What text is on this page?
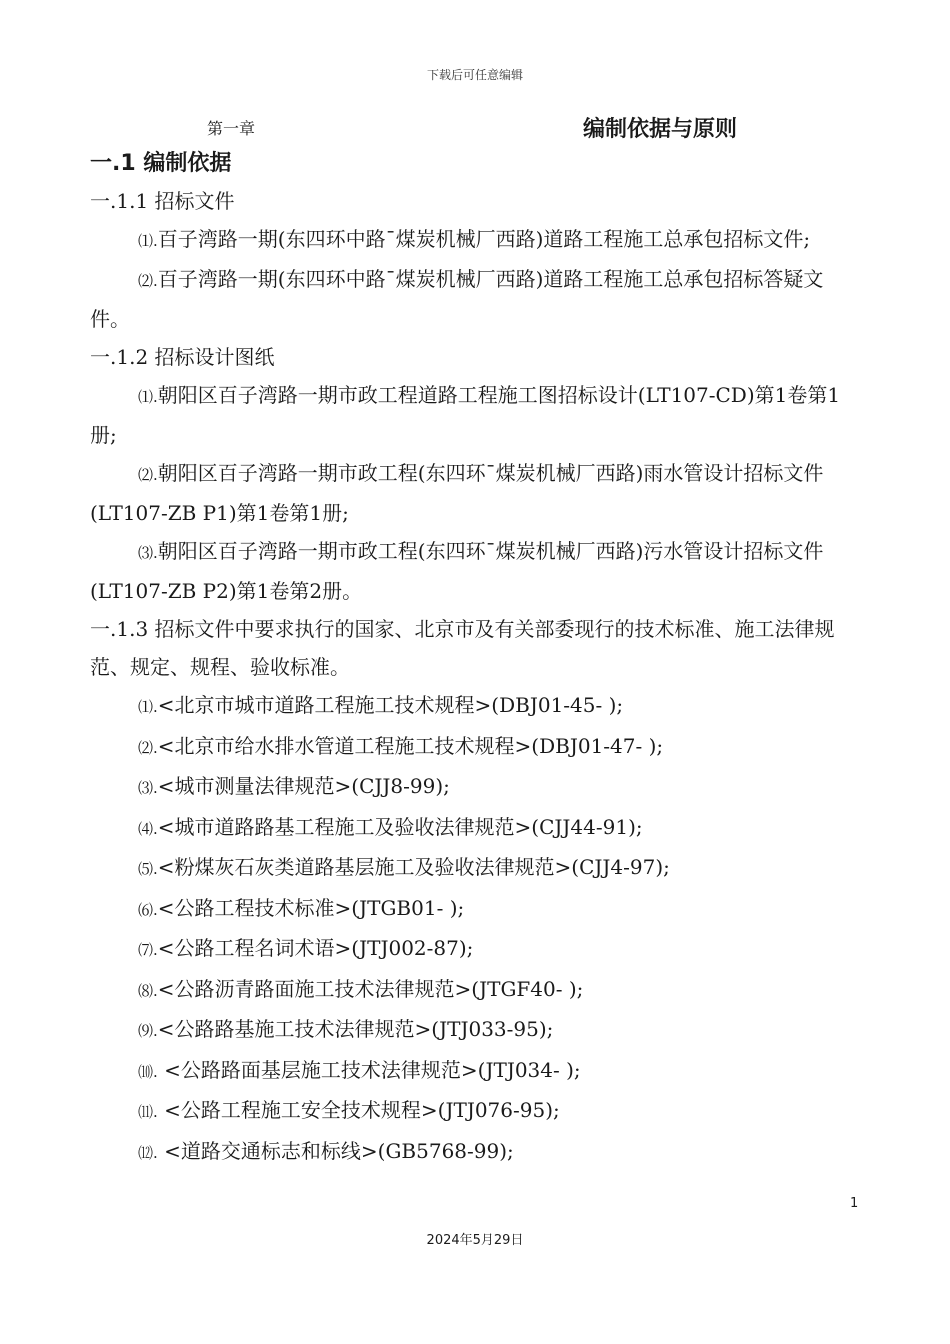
下载后可任意编辑
第一章	编制依据与原则

一.1 编制依据

一.1.1 招标文件

⑴.百子湾路一期(东四环中路¯煤炭机械厂西路)道路工程施工总承包招标文件;

⑵.百子湾路一期(东四环中路¯煤炭机械厂西路)道路工程施工总承包招标答疑文件。

一.1.2 招标设计图纸

⑴.朝阳区百子湾路一期市政工程道路工程施工图招标设计(LT107-CD)第1卷第1册;

⑵.朝阳区百子湾路一期市政工程(东四环¯煤炭机械厂西路)雨水管设计招标文件(LT107-ZB P1)第1卷第1册;

⑶.朝阳区百子湾路一期市政工程(东四环¯煤炭机械厂西路)污水管设计招标文件(LT107-ZB P2)第1卷第2册。

一.1.3 招标文件中要求执行的国家、北京市及有关部委现行的技术标准、施工法律规范、规定、规程、验收标准。

⑴.<北京市城市道路工程施工技术规程>(DBJ01-45- );

⑵.<北京市给水排水管道工程施工技术规程>(DBJ01-47- );

⑶.<城市测量法律规范>(CJJ8-99);

⑷.<城市道路路基工程施工及验收法律规范>(CJJ44-91);

⑸.<粉煤灰石灰类道路基层施工及验收法律规范>(CJJ4-97);

⑹.<公路工程技术标准>(JTGB01- );

⑺.<公路工程名词术语>(JTJ002-87);

⑻.<公路沥青路面施工技术法律规范>(JTGF40- );

⑼.<公路路基施工技术法律规范>(JTJ033-95);

⑽. <公路路面基层施工技术法律规范>(JTJ034- );

⑾. <公路工程施工安全技术规程>(JTJ076-95);

⑿. <道路交通标志和标线>(GB5768-99);

1
2024年5月29日
